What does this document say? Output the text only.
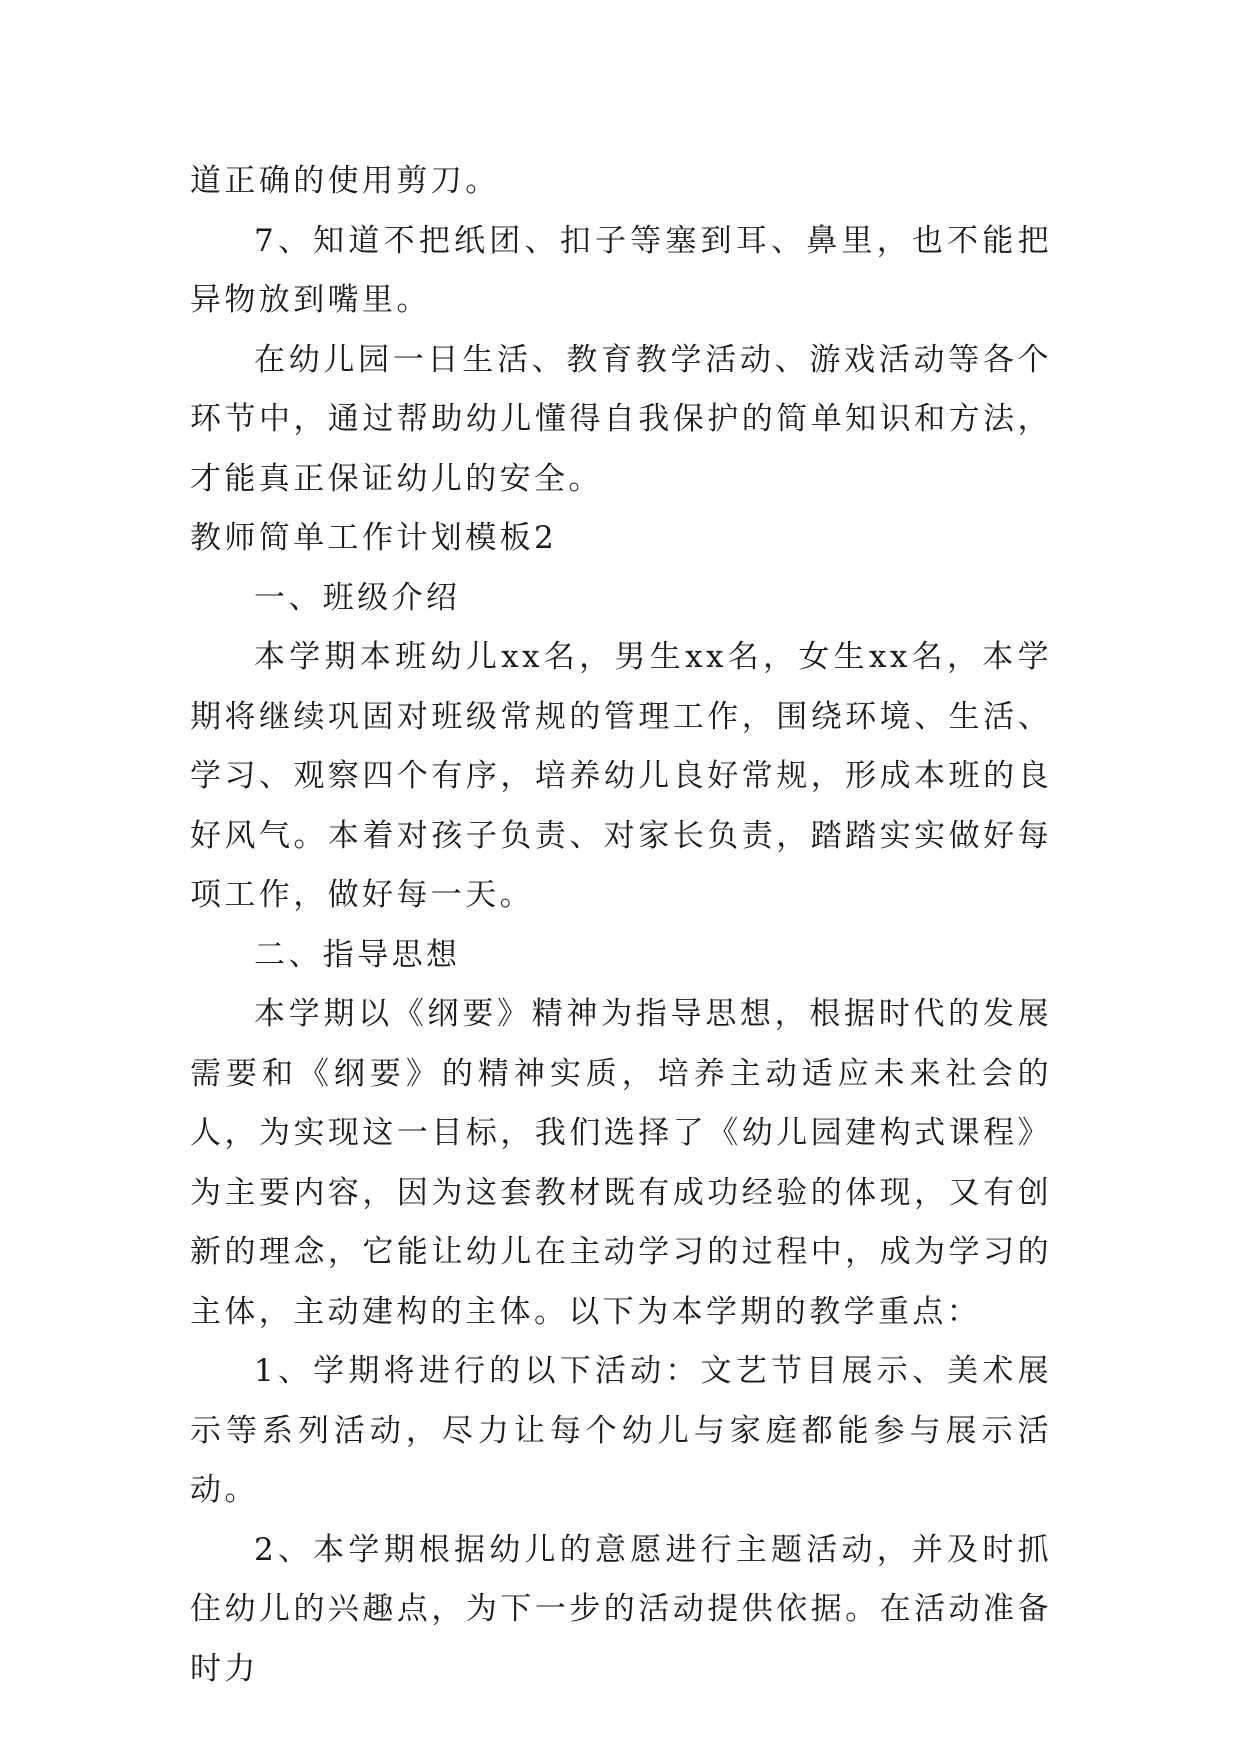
道正确的使用剪刀。

7、知道不把纸团、扣子等塞到耳、鼻里，也不能把异物放到嘴里。

在幼儿园一日生活、教育教学活动、游戏活动等各个环节中，通过帮助幼儿懂得自我保护的简单知识和方法，才能真正保证幼儿的安全。

教师简单工作计划模板2

一、班级介绍

本学期本班幼儿xx名，男生xx名，女生xx名，本学期将继续巩固对班级常规的管理工作，围绕环境、生活、学习、观察四个有序，培养幼儿良好常规，形成本班的良好风气。本着对孩子负责、对家长负责，踏踏实实做好每项工作，做好每一天。

二、指导思想

本学期以《纲要》精神为指导思想，根据时代的发展需要和《纲要》的精神实质，培养主动适应未来社会的人，为实现这一目标，我们选择了《幼儿园建构式课程》为主要内容，因为这套教材既有成功经验的体现，又有创新的理念，它能让幼儿在主动学习的过程中，成为学习的主体，主动建构的主体。以下为本学期的教学重点：

1、学期将进行的以下活动：文艺节目展示、美术展示等系列活动，尽力让每个幼儿与家庭都能参与展示活动。

2、本学期根据幼儿的意愿进行主题活动，并及时抓住幼儿的兴趣点，为下一步的活动提供依据。在活动准备时力
